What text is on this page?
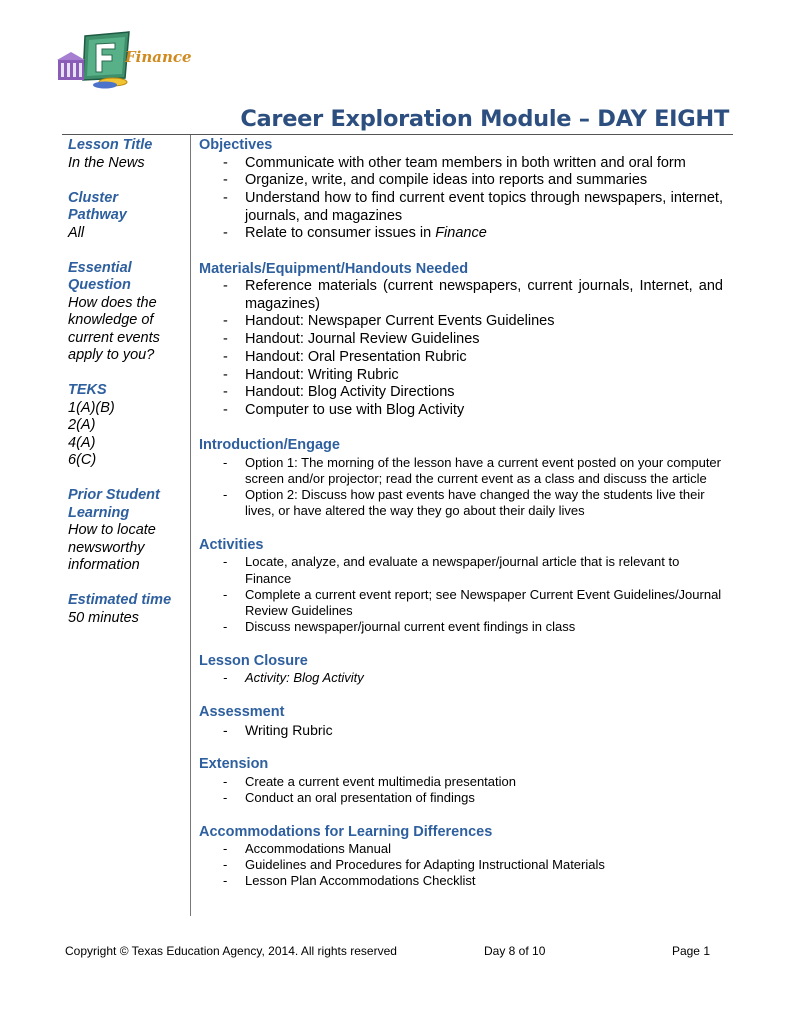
Finance
Career Exploration Module – DAY EIGHT
Lesson Title
In the News
Cluster
Pathway
All
Essential
Question
How does the
knowledge of
current events
apply to you?
TEKS
1(A)(B)
2(A)
4(A)
6(C)
Prior Student
Learning
How to locate
newsworthy
information
Estimated time
50 minutes
Objectives
- Communicate with other team members in both written and oral form
- Organize, write, and compile ideas into reports and summaries
- Understand how to find current event topics through newspapers, internet, journals, and magazines
- Relate to consumer issues in Finance
Materials/Equipment/Handouts Needed
- Reference materials (current newspapers, current journals, Internet, and magazines)
- Handout: Newspaper Current Events Guidelines
- Handout: Journal Review Guidelines
- Handout: Oral Presentation Rubric
- Handout: Writing Rubric
- Handout: Blog Activity Directions
- Computer to use with Blog Activity
Introduction/Engage
- Option 1: The morning of the lesson have a current event posted on your computer screen and/or projector; read the current event as a class and discuss the article
- Option 2: Discuss how past events have changed the way the students live their lives, or have altered the way they go about their daily lives
Activities
- Locate, analyze, and evaluate a newspaper/journal article that is relevant to Finance
- Complete a current event report; see Newspaper Current Event Guidelines/Journal Review Guidelines
- Discuss newspaper/journal current event findings in class
Lesson Closure
- Activity: Blog Activity
Assessment
- Writing Rubric
Extension
- Create a current event multimedia presentation
- Conduct an oral presentation of findings
Accommodations for Learning Differences
- Accommodations Manual
- Guidelines and Procedures for Adapting Instructional Materials
- Lesson Plan Accommodations Checklist
Copyright © Texas Education Agency, 2014. All rights reserved	Day 8 of 10	Page 1
